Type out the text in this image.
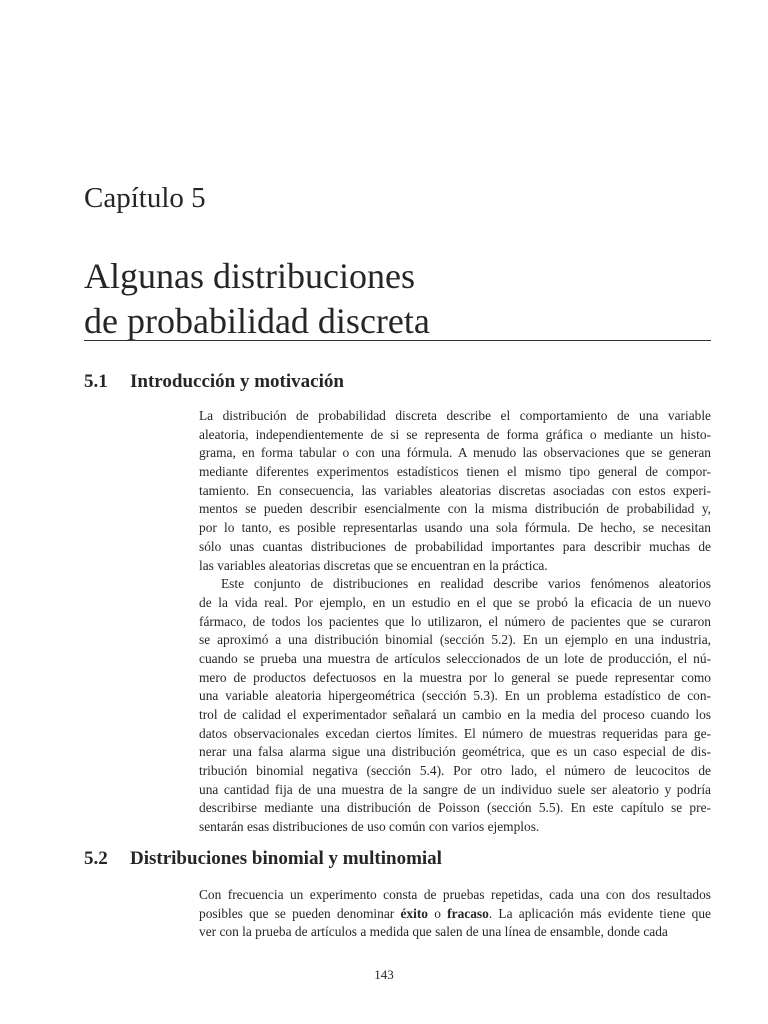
Capítulo 5
Algunas distribuciones
de probabilidad discreta
5.1 Introducción y motivación
La distribución de probabilidad discreta describe el comportamiento de una variable
aleatoria, independientemente de si se representa de forma gráfica o mediante un histo-
grama, en forma tabular o con una fórmula. A menudo las observaciones que se generan
mediante diferentes experimentos estadísticos tienen el mismo tipo general de compor-
tamiento. En consecuencia, las variables aleatorias discretas asociadas con estos experi-
mentos se pueden describir esencialmente con la misma distribución de probabilidad y,
por lo tanto, es posible representarlas usando una sola fórmula. De hecho, se necesitan
sólo unas cuantas distribuciones de probabilidad importantes para describir muchas de
las variables aleatorias discretas que se encuentran en la práctica.
Este conjunto de distribuciones en realidad describe varios fenómenos aleatorios
de la vida real. Por ejemplo, en un estudio en el que se probó la eficacia de un nuevo
fármaco, de todos los pacientes que lo utilizaron, el número de pacientes que se curaron
se aproximó a una distribución binomial (sección 5.2). En un ejemplo en una industria,
cuando se prueba una muestra de artículos seleccionados de un lote de producción, el nú-
mero de productos defectuosos en la muestra por lo general se puede representar como
una variable aleatoria hipergeométrica (sección 5.3). En un problema estadístico de con-
trol de calidad el experimentador señalará un cambio en la media del proceso cuando los
datos observacionales excedan ciertos límites. El número de muestras requeridas para ge-
nerar una falsa alarma sigue una distribución geométrica, que es un caso especial de dis-
tribución binomial negativa (sección 5.4). Por otro lado, el número de leucocitos de
una cantidad fija de una muestra de la sangre de un individuo suele ser aleatorio y podría
describirse mediante una distribución de Poisson (sección 5.5). En este capítulo se pre-
sentarán esas distribuciones de uso común con varios ejemplos.
5.2 Distribuciones binomial y multinomial
Con frecuencia un experimento consta de pruebas repetidas, cada una con dos resultados
posibles que se pueden denominar éxito o fracaso. La aplicación más evidente tiene que
ver con la prueba de artículos a medida que salen de una línea de ensamble, donde cada
143
